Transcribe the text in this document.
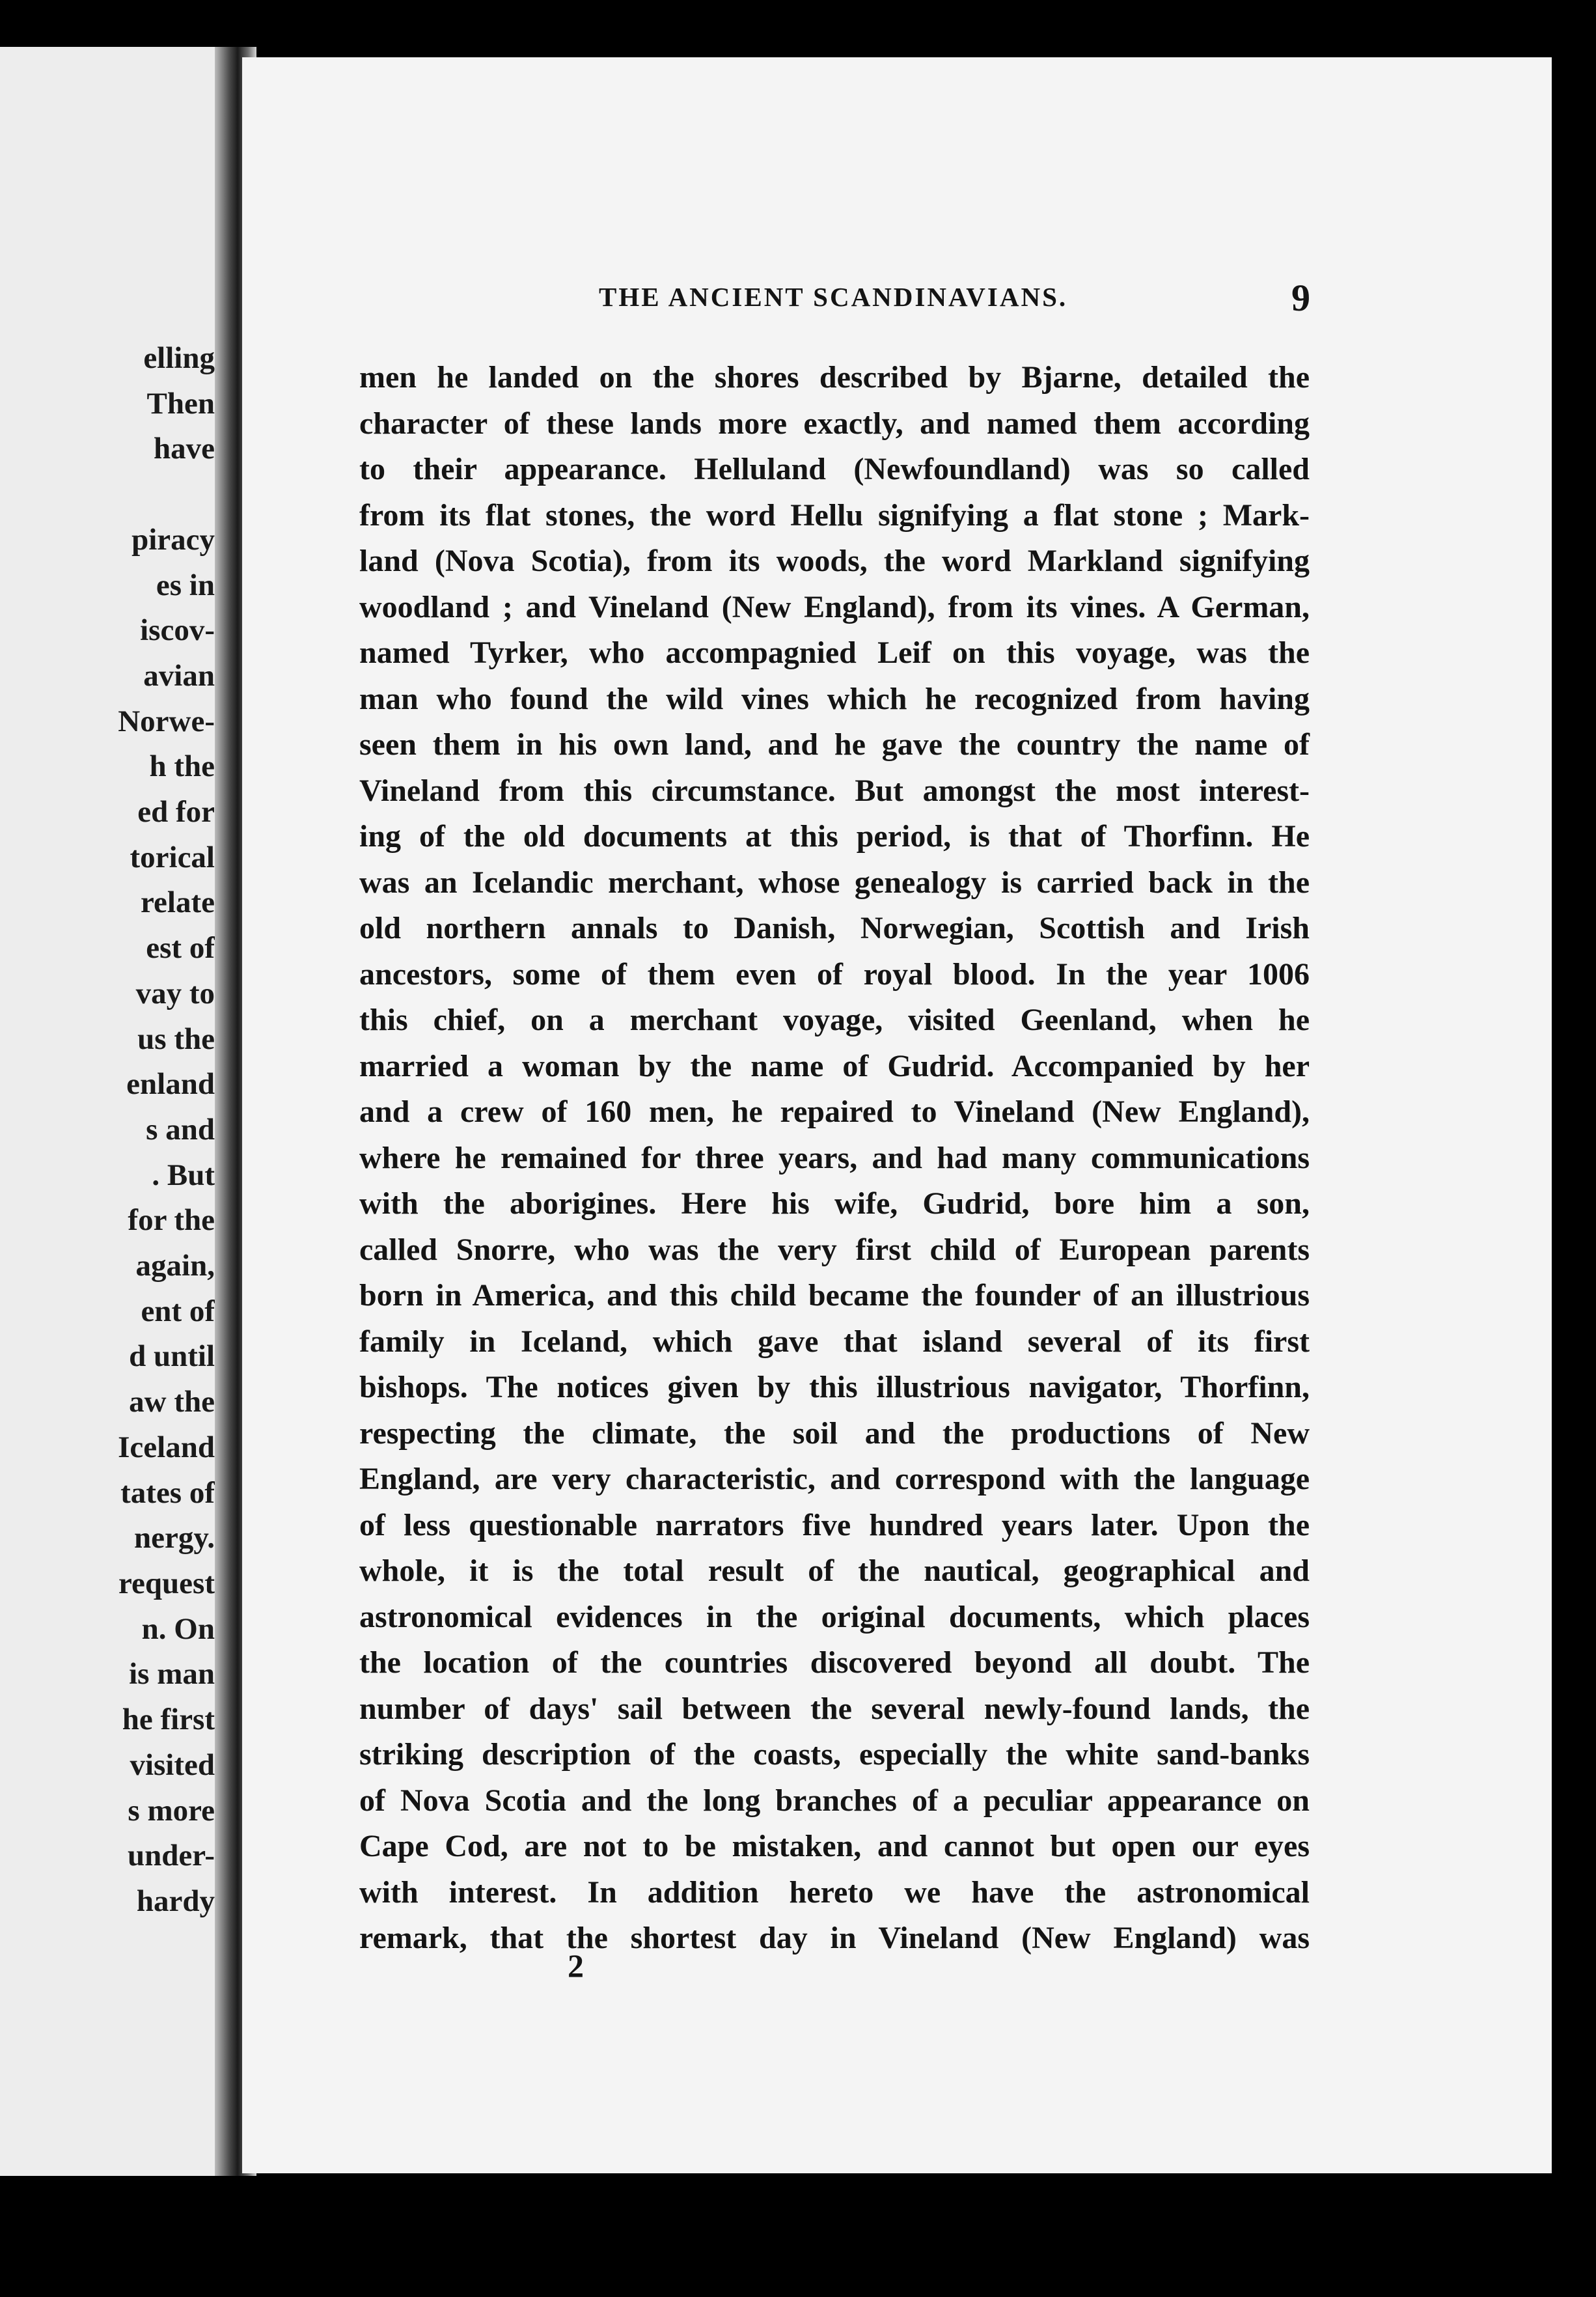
elling
Then
have

piracy
es in
iscov-
avian
Norwe-
h the
ed for
torical
relate
est of
vay to
us the
enland
s and
. But
for the
again,
ent of
d until
aw the
Iceland
tates of
nergy.
request
n. On
is man
he first
visited
s more
under-
hardy
THE ANCIENT SCANDINAVIANS.	9
men he landed on the shores described by Bjarne, detailed the
character of these lands more exactly, and named them according
to their appearance. Helluland (Newfoundland) was so called
from its flat stones, the word Hellu signifying a flat stone ; Mark-
land (Nova Scotia), from its woods, the word Markland signifying
woodland ; and Vineland (New England), from its vines. A German,
named Tyrker, who accompagnied Leif on this voyage, was the
man who found the wild vines which he recognized from having
seen them in his own land, and he gave the country the name of
Vineland from this circumstance. But amongst the most interest-
ing of the old documents at this period, is that of Thorfinn. He
was an Icelandic merchant, whose genealogy is carried back in the
old northern annals to Danish, Norwegian, Scottish and Irish
ancestors, some of them even of royal blood. In the year 1006
this chief, on a merchant voyage, visited Geenland, when he
married a woman by the name of Gudrid. Accompanied by her
and a crew of 160 men, he repaired to Vineland (New England),
where he remained for three years, and had many communications
with the aborigines. Here his wife, Gudrid, bore him a son,
called Snorre, who was the very first child of European parents
born in America, and this child became the founder of an illustrious
family in Iceland, which gave that island several of its first
bishops. The notices given by this illustrious navigator, Thorfinn,
respecting the climate, the soil and the productions of New
England, are very characteristic, and correspond with the language
of less questionable narrators five hundred years later. Upon the
whole, it is the total result of the nautical, geographical and
astronomical evidences in the original documents, which places
the location of the countries discovered beyond all doubt. The
number of days' sail between the several newly-found lands, the
striking description of the coasts, especially the white sand-banks
of Nova Scotia and the long branches of a peculiar appearance on
Cape Cod, are not to be mistaken, and cannot but open our eyes
with interest. In addition hereto we have the astronomical
remark, that the shortest day in Vineland (New England) was
2
